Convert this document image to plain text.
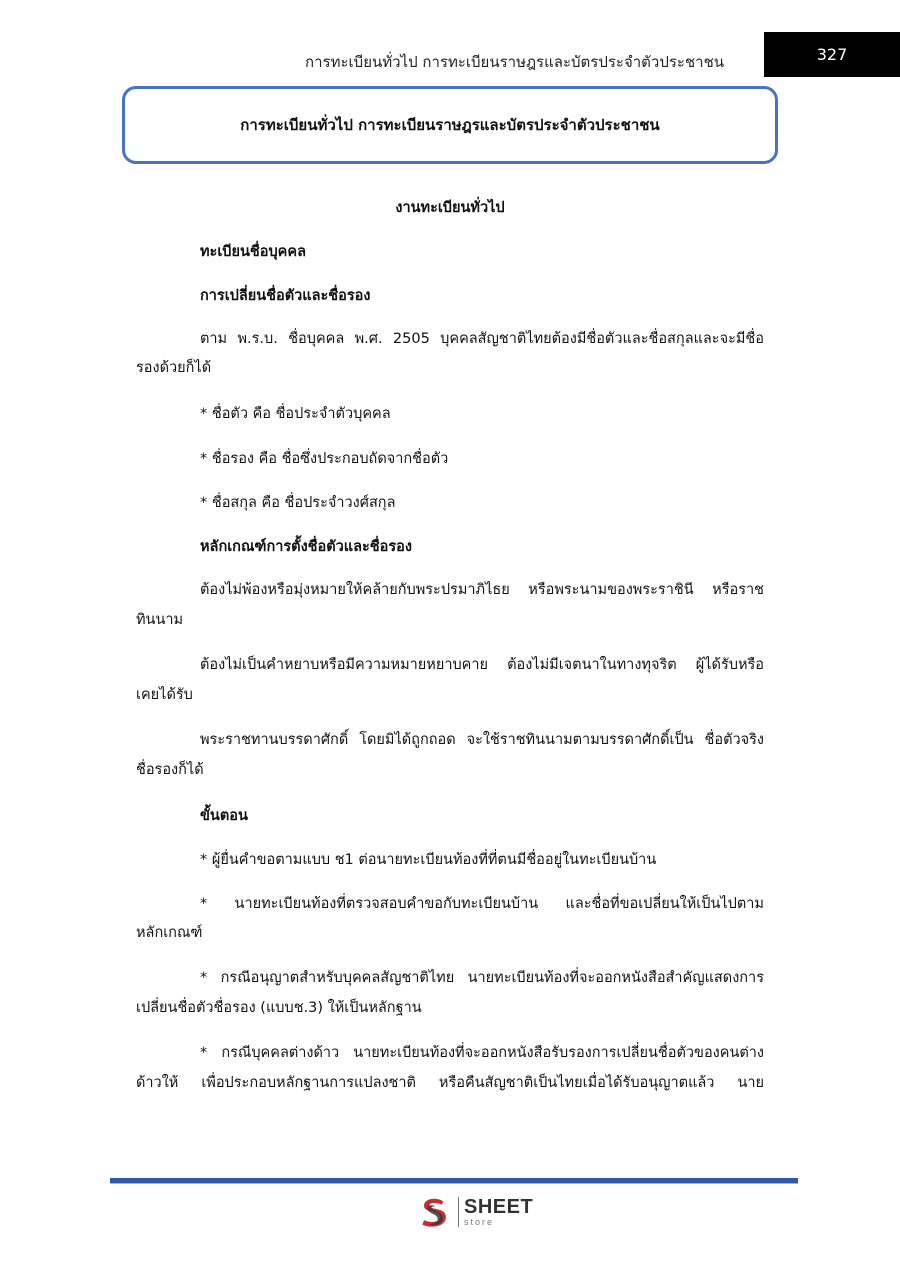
การทะเบียนทั่วไป การทะเบียนราษฎรและบัตรประจำตัวประชาชน	327
การทะเบียนทั่วไป การทะเบียนราษฎรและบัตรประจำตัวประชาชน
งานทะเบียนทั่วไป
ทะเบียนชื่อบุคคล
การเปลี่ยนชื่อตัวและชื่อรอง
ตาม พ.ร.บ. ชื่อบุคคล พ.ศ. 2505 บุคคลสัญชาติไทยต้องมีชื่อตัวและชื่อสกุลและจะมีชื่อ
รองด้วยก็ได้
* ชื่อตัว คือ ชื่อประจำตัวบุคคล
* ชื่อรอง คือ ชื่อซึ่งประกอบถัดจากชื่อตัว
* ชื่อสกุล คือ ชื่อประจำวงศ์สกุล
หลักเกณฑ์การตั้งชื่อตัวและชื่อรอง
ต้องไม่พ้องหรือมุ่งหมายให้คล้ายกับพระปรมาภิไธย หรือพระนามของพระราชินี หรือราช
ทินนาม
ต้องไม่เป็นคำหยาบหรือมีความหมายหยาบคาย ต้องไม่มีเจตนาในทางทุจริต ผู้ได้รับหรือ
เคยได้รับ
พระราชทานบรรดาศักดิ์ โดยมิได้ถูกถอด จะใช้ราชทินนามตามบรรดาศักดิ์เป็น ชื่อตัวจริง
ชื่อรองก็ได้
ขั้นตอน
* ผู้ยื่นคำขอตามแบบ ช1 ต่อนายทะเบียนท้องที่ที่ตนมีชื่ออยู่ในทะเบียนบ้าน
* นายทะเบียนท้องที่ตรวจสอบคำขอกับทะเบียนบ้าน และชื่อที่ขอเปลี่ยนให้เป็นไปตาม
หลักเกณฑ์
* กรณีอนุญาตสำหรับบุคคลสัญชาติไทย นายทะเบียนท้องที่จะออกหนังสือสำคัญแสดงการ
เปลี่ยนชื่อตัวชื่อรอง (แบบช.3) ให้เป็นหลักฐาน
* กรณีบุคคลต่างด้าว นายทะเบียนท้องที่จะออกหนังสือรับรองการเปลี่ยนชื่อตัวของคนต่าง
ด้าวให้ เพื่อประกอบหลักฐานการแปลงชาติ หรือคืนสัญชาติเป็นไทยเมื่อได้รับอนุญาตแล้ว นาย
SHEET
store
